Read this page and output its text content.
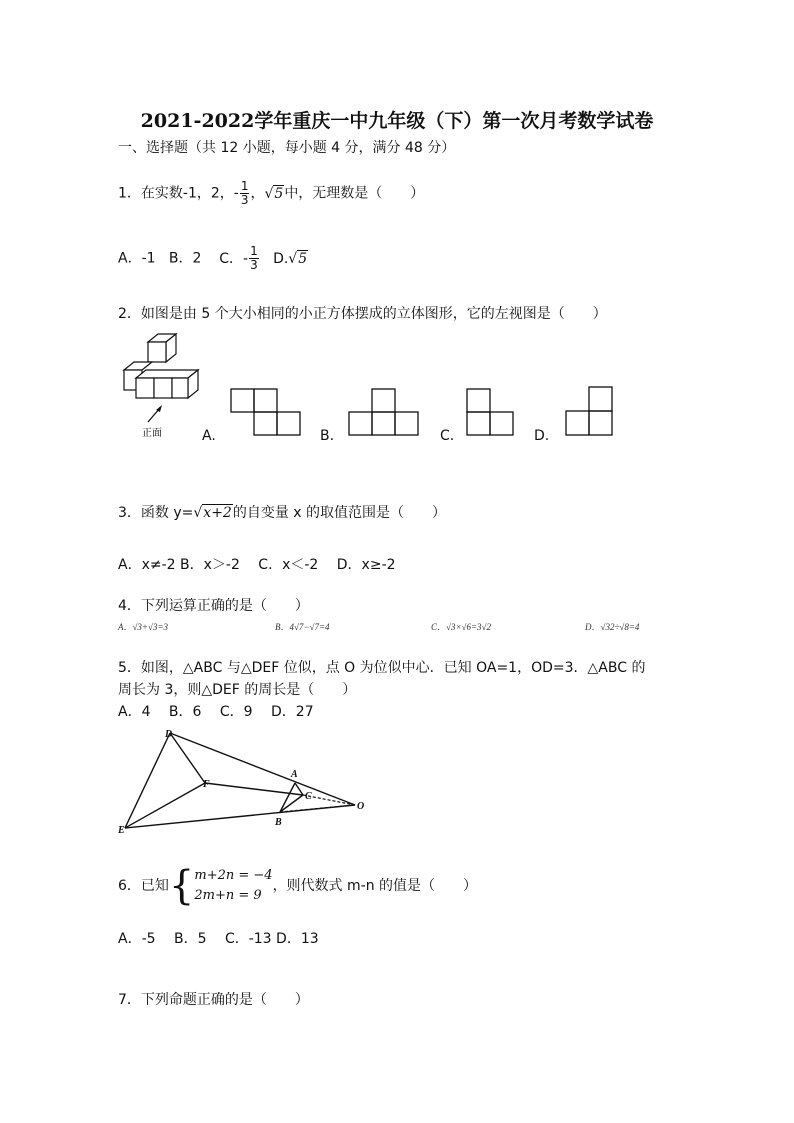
2021-2022学年重庆一中九年级（下）第一次月考数学试卷
一、选择题（共 12 小题，每小题 4 分，满分 48 分）
1．在实数-1，2，- $\frac{1}{3}$ ，√5中，无理数是（　　）
A．-1 B．2 C．- $\frac{1}{3} D.√5$
2．如图是由 5 个大小相同的小正方体摆成的立体图形，它的左视图是（　　）
正面	A.	B.	C.	D.
3．函数 y=√x+2的自变量 x 的取值范围是（　　）
A．x≠-2 B．x＞-2　 C．x＜-2　 D．x≥-2
4．下列运算正确的是（　　）
A．√3+√3=3	B．4√7−√7=4	C．√3×√6=3√2	D．√32÷√8=4
5．如图，△ABC 与△DEF 位似，点 O 为位似中心．已知 OA=1，OD=3．△ABC 的
周长为 3，则△DEF 的周长是（　　）
A．4　 B．6　 C．9　 D．27
D
E
F
A
B
C
O
6．已知{ m+2n = −4
2m+n = 9
，则代数式 m-n 的值是（　　）
A．-5　 B．5　 C．-13 D．13
7．下列命题正确的是（　　）
